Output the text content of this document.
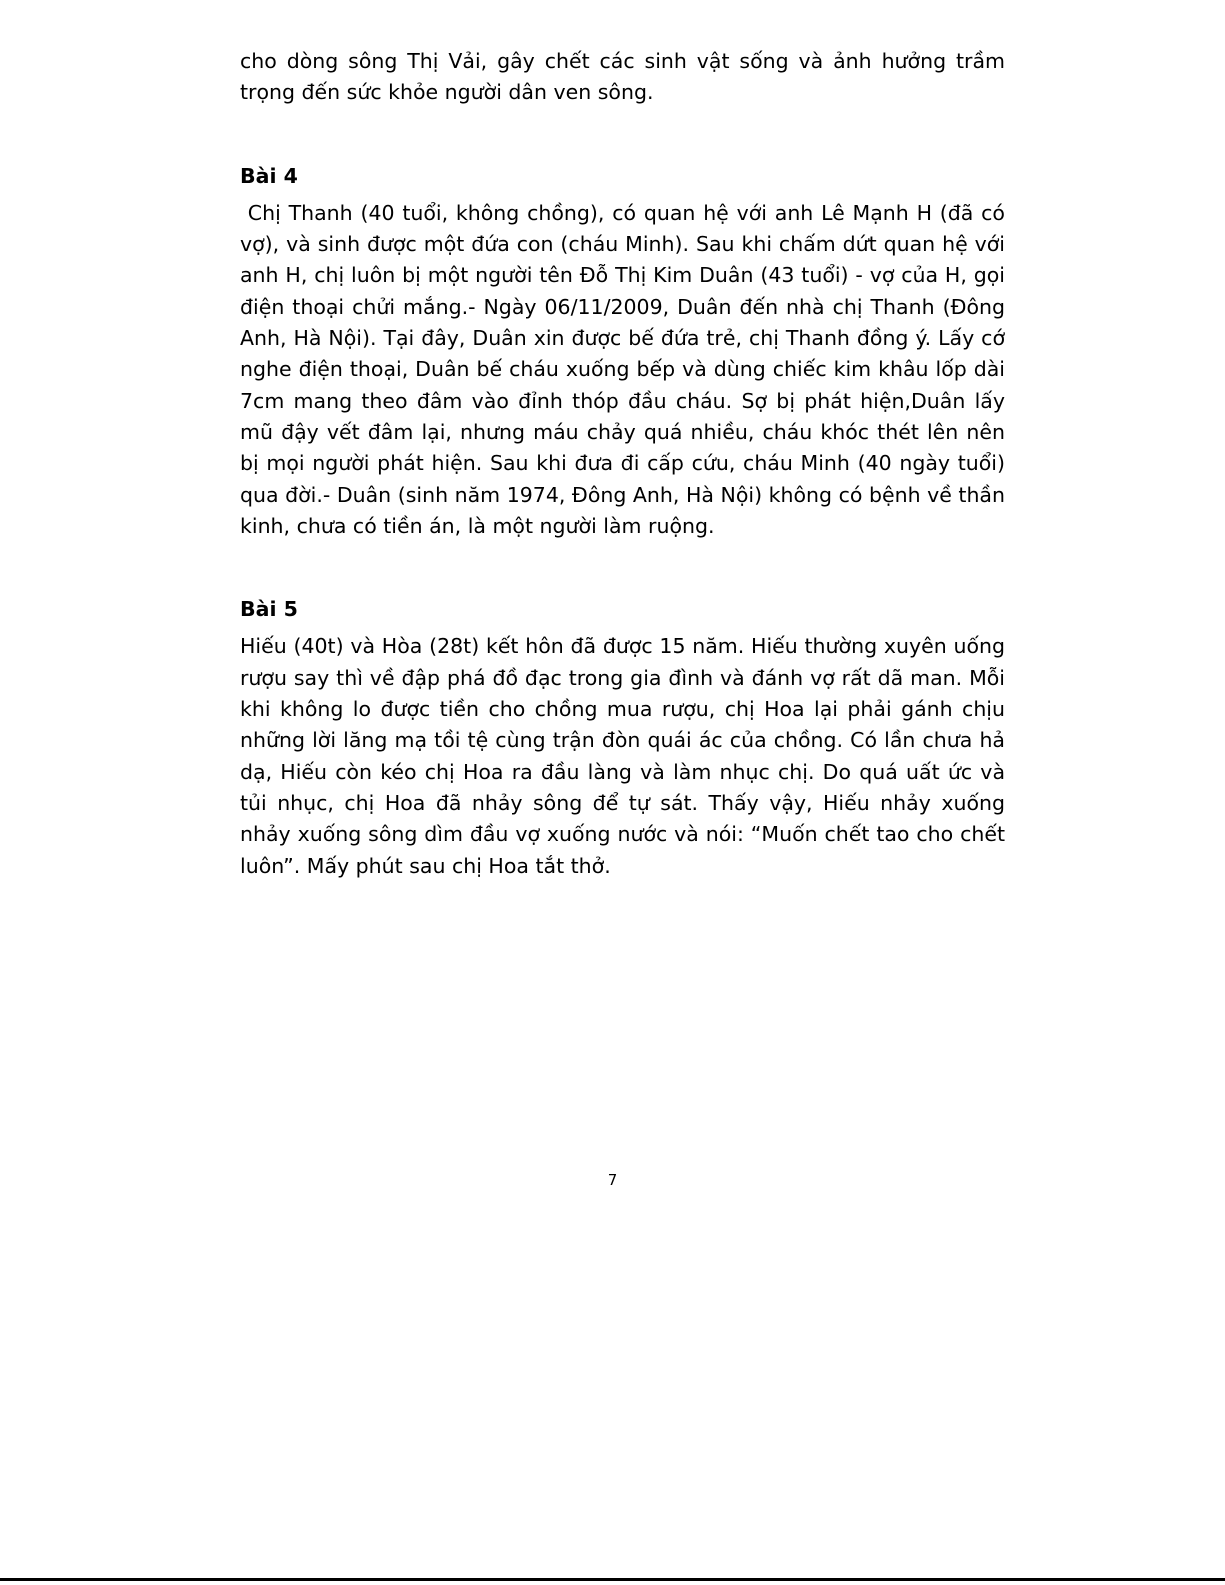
cho dòng sông Thị Vải, gây chết các sinh vật sống và ảnh hưởng trầm trọng đến sức khỏe người dân ven sông.

Bài 4

Chị Thanh (40 tuổi, không chồng), có quan hệ với anh Lê Mạnh H (đã có vợ), và sinh được một đứa con (cháu Minh). Sau khi chấm dứt quan hệ với anh H, chị luôn bị một người tên Đỗ Thị Kim Duân (43 tuổi) - vợ của H, gọi điện thoại chửi mắng.- Ngày 06/11/2009, Duân đến nhà chị Thanh (Đông Anh, Hà Nội). Tại đây, Duân xin được bế đứa trẻ, chị Thanh đồng ý. Lấy cớ nghe điện thoại, Duân bế cháu xuống bếp và dùng chiếc kim khâu lốp dài 7cm mang theo đâm vào đỉnh thóp đầu cháu. Sợ bị phát hiện,Duân lấy mũ đậy vết đâm lại, nhưng máu chảy quá nhiều, cháu khóc thét lên nên bị mọi người phát hiện. Sau khi đưa đi cấp cứu, cháu Minh (40 ngày tuổi) qua đời.- Duân (sinh năm 1974, Đông Anh, Hà Nội) không có bệnh về thần kinh, chưa có tiền án, là một người làm ruộng.

Bài 5

Hiếu (40t) và Hòa (28t) kết hôn đã được 15 năm. Hiếu thường xuyên uống rượu say thì về đập phá đồ đạc trong gia đình và đánh vợ rất dã man. Mỗi khi không lo được tiền cho chồng mua rượu, chị Hoa lại phải gánh chịu những lời lăng mạ tồi tệ cùng trận đòn quái ác của chồng. Có lần chưa hả dạ, Hiếu còn kéo chị Hoa ra đầu làng và làm nhục chị. Do quá uất ức và tủi nhục, chị Hoa đã nhảy sông để tự sát. Thấy vậy, Hiếu nhảy xuống nhảy xuống sông dìm đầu vợ xuống nước và nói: “Muốn chết tao cho chết luôn”. Mấy phút sau chị Hoa tắt thở.

7
